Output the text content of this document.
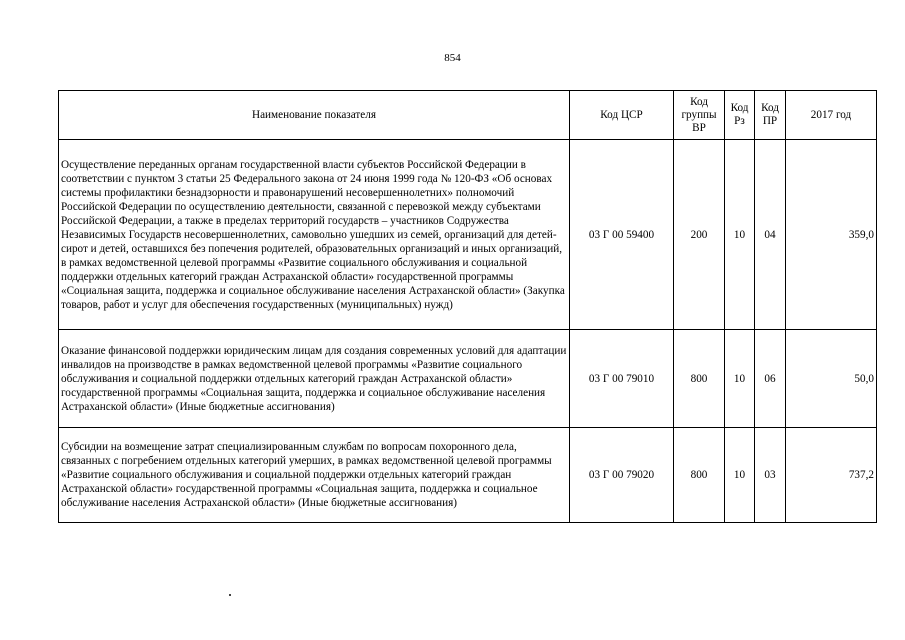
854
Наименование показателя	Код ЦСР	Код группы ВР	Код Рз	Код ПР	2017 год
Осуществление переданных органам государственной власти субъектов Российской Федерации в соответствии с пунктом 3 статьи 25 Федерального закона от 24 июня 1999 года № 120-ФЗ «Об основах системы профилактики безнадзорности и правонарушений несовершеннолетних» полномочий Российской Федерации по осуществлению деятельности, связанной с перевозкой между субъектами Российской Федерации, а также в пределах территорий государств – участников Содружества Независимых Государств несовершеннолетних, самовольно ушедших из семей, организаций для детей-сирот и детей, оставшихся без попечения родителей, образовательных организаций и иных организаций, в рамках ведомственной целевой программы «Развитие социального обслуживания и социальной поддержки отдельных категорий граждан Астраханской области» государственной программы «Социальная защита, поддержка и социальное обслуживание населения Астраханской области» (Закупка товаров, работ и услуг для обеспечения государственных (муниципальных) нужд)	03 Г 00 59400	200	10	04	359,0
Оказание финансовой поддержки юридическим лицам для создания современных условий для адаптации инвалидов на производстве в рамках ведомственной целевой программы «Развитие социального обслуживания и социальной поддержки отдельных категорий граждан Астраханской области» государственной программы «Социальная защита, поддержка и социальное обслуживание населения Астраханской области» (Иные бюджетные ассигнования)	03 Г 00 79010	800	10	06	50,0
Субсидии на возмещение затрат специализированным службам по вопросам похоронного дела, связанных с погребением отдельных категорий умерших, в рамках ведомственной целевой программы «Развитие социального обслуживания и социальной поддержки отдельных категорий граждан Астраханской области» государственной программы «Социальная защита, поддержка и социальное обслуживание населения Астраханской области» (Иные бюджетные ассигнования)	03 Г 00 79020	800	10	03	737,2
